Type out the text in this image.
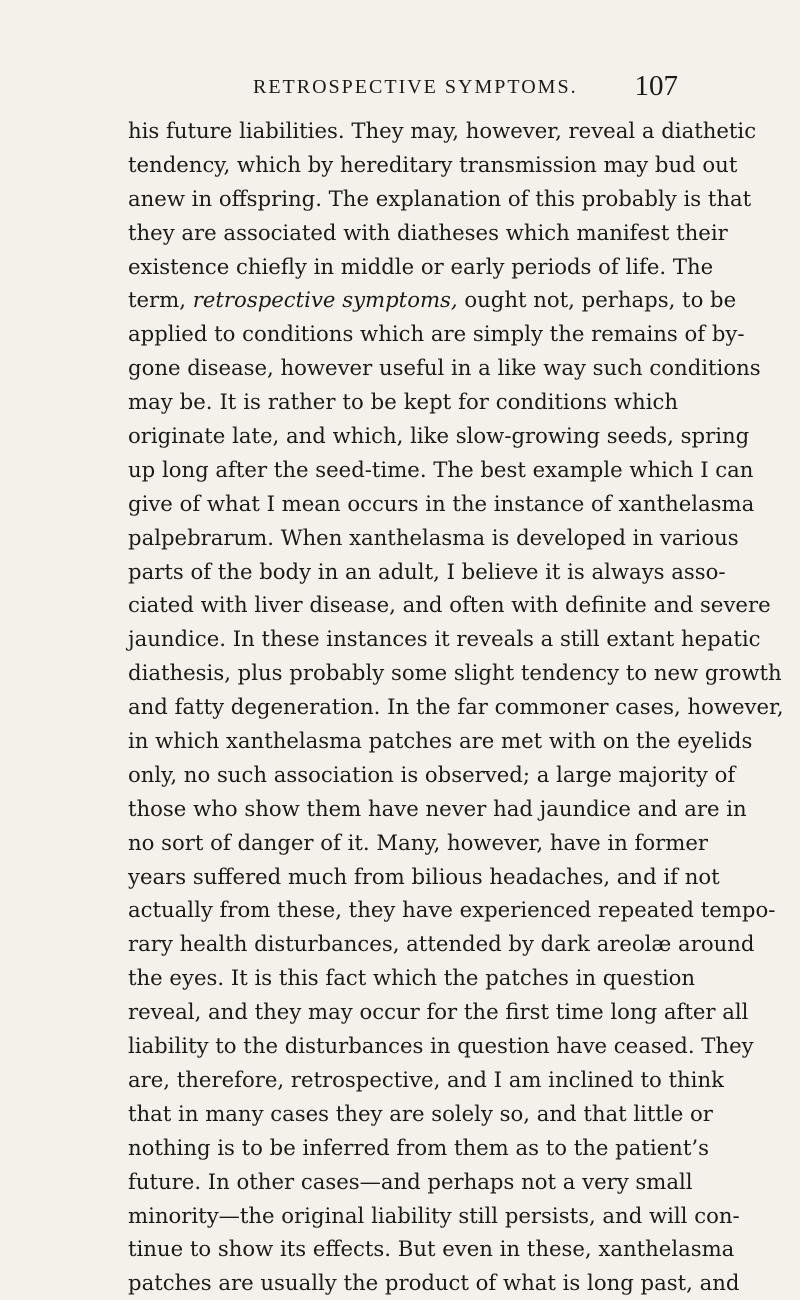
RETROSPECTIVE SYMPTOMS. 107
his future liabilities. They may, however, reveal a diathetic
tendency, which by hereditary transmission may bud out
anew in offspring. The explanation of this probably is that
they are associated with diatheses which manifest their
existence chiefly in middle or early periods of life. The
term, retrospective symptoms, ought not, perhaps, to be
applied to conditions which are simply the remains of by-
gone disease, however useful in a like way such conditions
may be. It is rather to be kept for conditions which
originate late, and which, like slow-growing seeds, spring
up long after the seed-time. The best example which I can
give of what I mean occurs in the instance of xanthelasma
palpebrarum. When xanthelasma is developed in various
parts of the body in an adult, I believe it is always asso-
ciated with liver disease, and often with definite and severe
jaundice. In these instances it reveals a still extant hepatic
diathesis, plus probably some slight tendency to new growth
and fatty degeneration. In the far commoner cases, however,
in which xanthelasma patches are met with on the eyelids
only, no such association is observed; a large majority of
those who show them have never had jaundice and are in
no sort of danger of it. Many, however, have in former
years suffered much from bilious headaches, and if not
actually from these, they have experienced repeated tempo-
rary health disturbances, attended by dark areolæ around
the eyes. It is this fact which the patches in question
reveal, and they may occur for the first time long after all
liability to the disturbances in question have ceased. They
are, therefore, retrospective, and I am inclined to think
that in many cases they are solely so, and that little or
nothing is to be inferred from them as to the patient’s
future. In other cases—and perhaps not a very small
minority—the original liability still persists, and will con-
tinue to show its effects. But even in these, xanthelasma
patches are usually the product of what is long past, and
